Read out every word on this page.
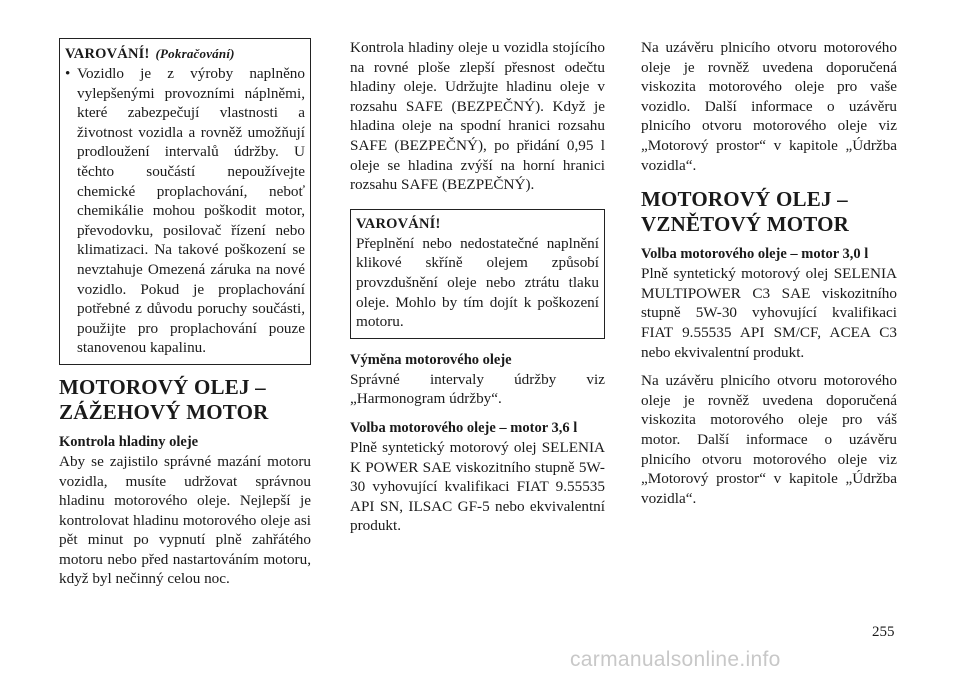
VAROVÁNÍ! (Pokračování)

• Vozidlo je z výroby naplněno vylepšenými provozními náplněmi, které zabezpečují vlastnosti a životnost vozidla a rovněž umožňují prodloužení intervalů údržby. U těchto součástí nepoužívejte chemické proplachování, neboť chemikálie mohou poškodit motor, převodovku, posilovač řízení nebo klimatizaci. Na takové poškození se nevztahuje Omezená záruka na nové vozidlo. Pokud je proplachování potřebné z důvodu poruchy součásti, použijte pro proplachování pouze stanovenou kapalinu.

MOTOROVÝ OLEJ – ZÁŽEHOVÝ MOTOR
Kontrola hladiny oleje

Aby se zajistilo správné mazání motoru vozidla, musíte udržovat správnou hladinu motorového oleje. Nejlepší je kontrolovat hladinu motorového oleje asi pět minut po vypnutí plně zahřátého motoru nebo před nastartováním motoru, když byl nečinný celou noc.

Kontrola hladiny oleje u vozidla stojícího na rovné ploše zlepší přesnost odečtu hladiny oleje. Udržujte hladinu oleje v rozsahu SAFE (BEZPEČNÝ). Když je hladina oleje na spodní hranici rozsahu SAFE (BEZPEČNÝ), po přidání 0,95 l oleje se hladina zvýší na horní hranici rozsahu SAFE (BEZPEČNÝ).

VAROVÁNÍ!

Přeplnění nebo nedostatečné naplnění klikové skříně olejem způsobí provzdušnění oleje nebo ztrátu tlaku oleje. Mohlo by tím dojít k poškození motoru.

Výměna motorového oleje

Správné intervaly údržby viz „Harmonogram údržby“.

Volba motorového oleje – motor 3,6 l

Plně syntetický motorový olej SELENIA K POWER SAE viskozitního stupně 5W-30 vyhovující kvalifikaci FIAT 9.55535 API SN, ILSAC GF-5 nebo ekvivalentní produkt.

Na uzávěru plnicího otvoru motorového oleje je rovněž uvedena doporučená viskozita motorového oleje pro vaše vozidlo. Další informace o uzávěru plnicího otvoru motorového oleje viz „Motorový prostor“ v kapitole „Údržba vozidla“.

MOTOROVÝ OLEJ – VZNĚTOVÝ MOTOR
Volba motorového oleje – motor 3,0 l

Plně syntetický motorový olej SELENIA MULTIPOWER C3 SAE viskozitního stupně 5W-30 vyhovující kvalifikaci FIAT 9.55535 API SM/CF, ACEA C3 nebo ekvivalentní produkt.

Na uzávěru plnicího otvoru motorového oleje je rovněž uvedena doporučená viskozita motorového oleje pro váš motor. Další informace o uzávěru plnicího otvoru motorového oleje viz „Motorový prostor“ v kapitole „Údržba vozidla“.

255
carmanualsonline.info
